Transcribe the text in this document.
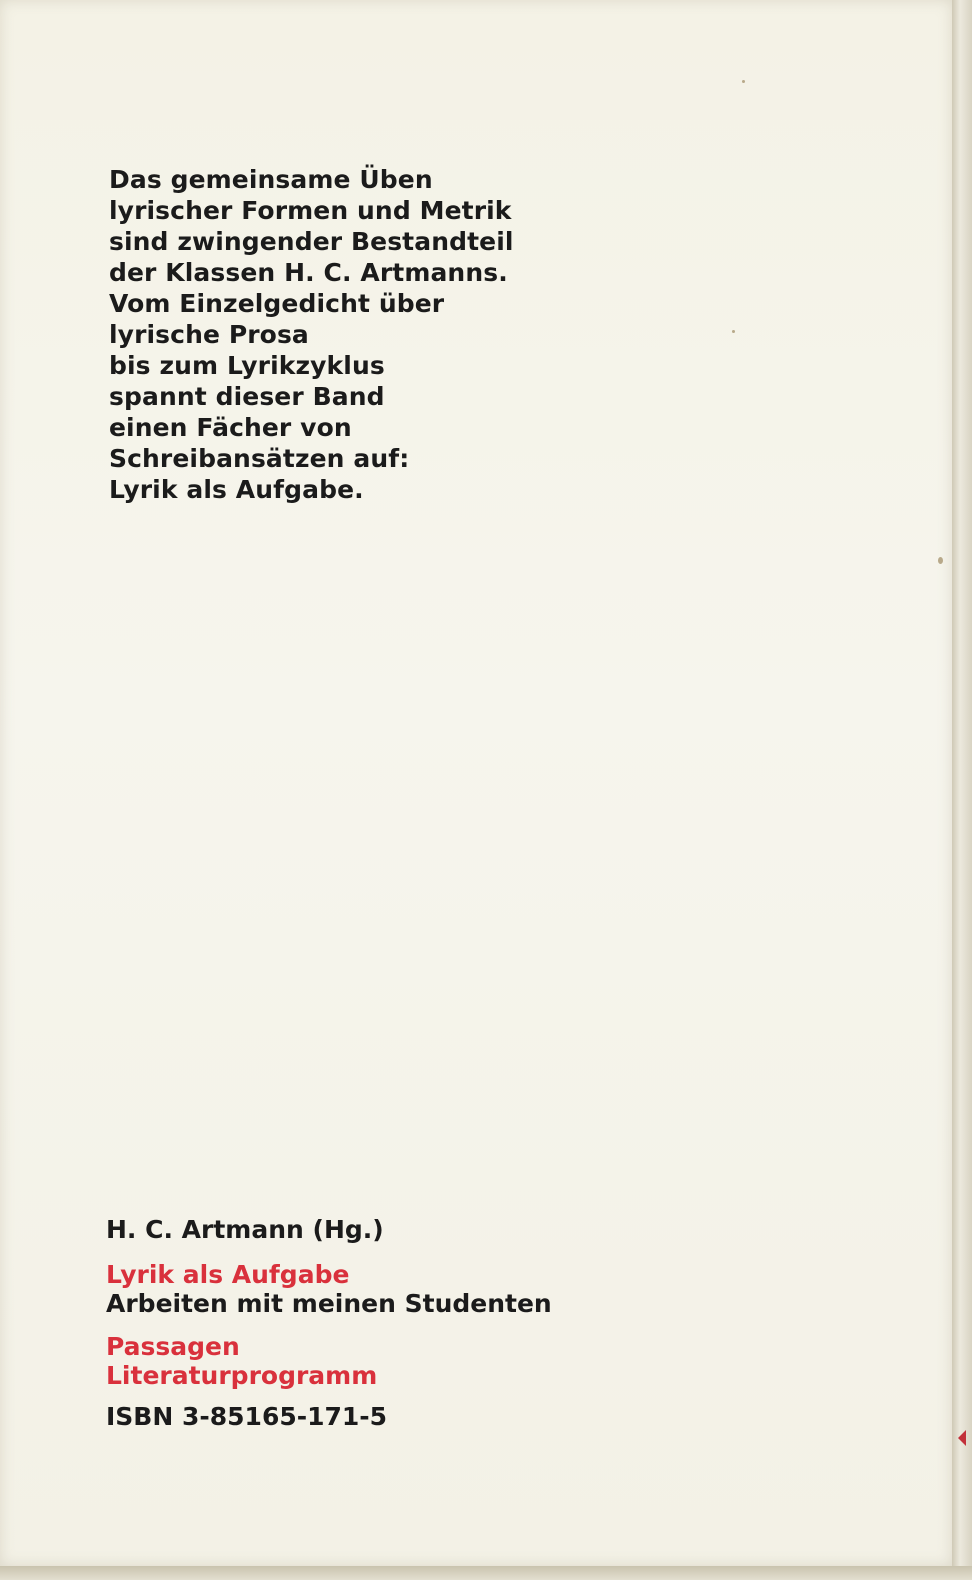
Das gemeinsame Üben
lyrischer Formen und Metrik
sind zwingender Bestandteil
der Klassen H. C. Artmanns.
Vom Einzelgedicht über
lyrische Prosa
bis zum Lyrikzyklus
spannt dieser Band
einen Fächer von
Schreibansätzen auf:
Lyrik als Aufgabe.

H. C. Artmann (Hg.)
Lyrik als Aufgabe
Arbeiten mit meinen Studenten
Passagen
Literaturprogramm
ISBN 3-85165-171-5
